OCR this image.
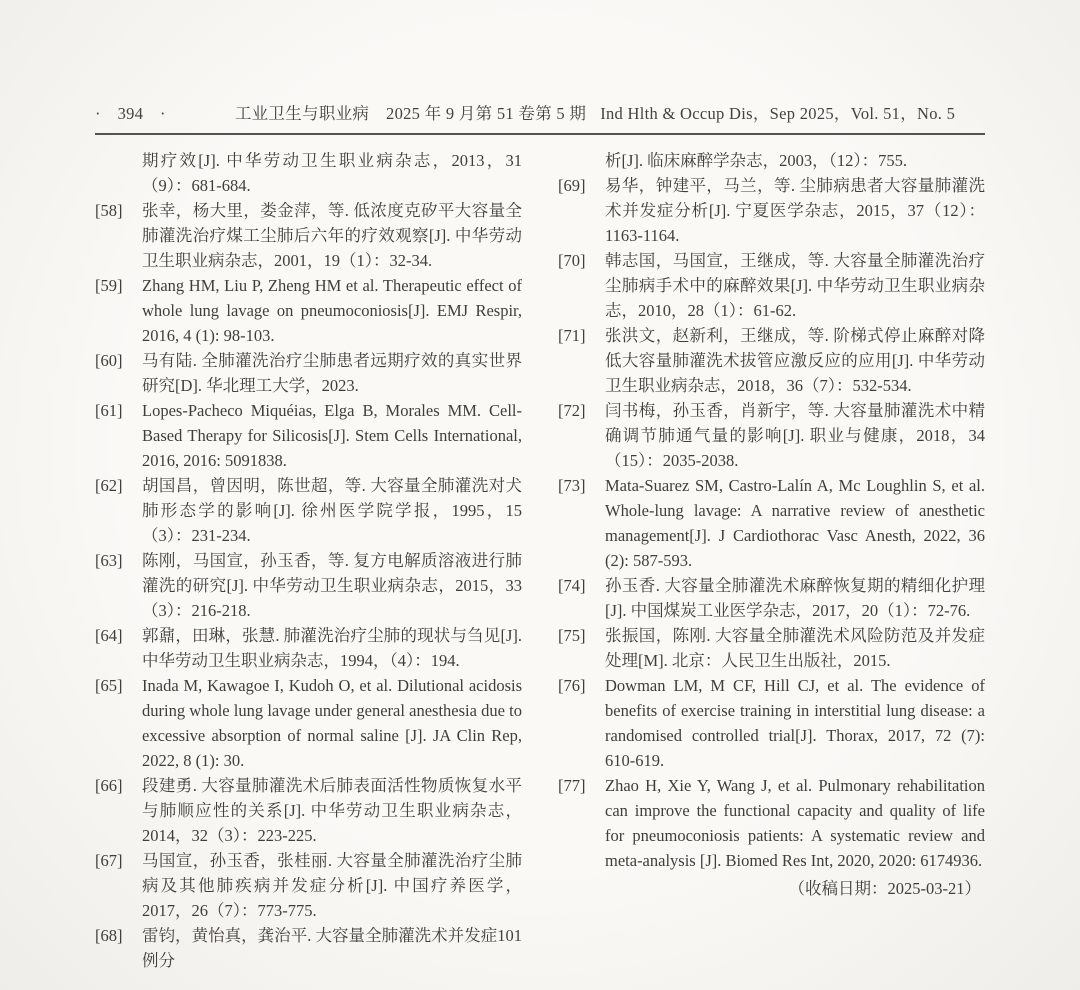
·　394　·	工业卫生与职业病　2025 年 9 月第 51 卷第 5 期 Ind Hlth & Occup Dis，Sep 2025，Vol. 51，No. 5
期疗效[J]. 中华劳动卫生职业病杂志，2013，31（9）：681-684.
[58]	张幸，杨大里，娄金萍，等. 低浓度克矽平大容量全肺灌洗治疗煤工尘肺后六年的疗效观察[J]. 中华劳动卫生职业病杂志，2001，19（1）：32-34.
[59]	Zhang HM, Liu P, Zheng HM et al. Therapeutic effect of whole lung lavage on pneumoconiosis[J]. EMJ Respir, 2016, 4 (1): 98-103.
[60]	马有陆. 全肺灌洗治疗尘肺患者远期疗效的真实世界研究[D]. 华北理工大学，2023.
[61]	Lopes-Pacheco Miquéias, Elga B, Morales MM. Cell-Based Therapy for Silicosis[J]. Stem Cells International, 2016, 2016: 5091838.
[62]	胡国昌，曾因明，陈世超，等. 大容量全肺灌洗对犬肺形态学的影响[J]. 徐州医学院学报，1995，15（3）：231-234.
[63]	陈刚，马国宣，孙玉香，等. 复方电解质溶液进行肺灌洗的研究[J]. 中华劳动卫生职业病杂志，2015，33（3）：216-218.
[64]	郭鼐，田琳，张慧. 肺灌洗治疗尘肺的现状与刍见[J]. 中华劳动卫生职业病杂志，1994，（4）：194.
[65]	Inada M, Kawagoe I, Kudoh O, et al. Dilutional acidosis during whole lung lavage under general anesthesia due to excessive absorption of normal saline [J]. JA Clin Rep, 2022, 8 (1): 30.
[66]	段建勇. 大容量肺灌洗术后肺表面活性物质恢复水平与肺顺应性的关系[J]. 中华劳动卫生职业病杂志，2014，32（3）：223-225.
[67]	马国宣，孙玉香，张桂丽. 大容量全肺灌洗治疗尘肺病及其他肺疾病并发症分析[J]. 中国疗养医学，2017，26（7）：773-775.
[68]	雷钧，黄怡真，龚治平. 大容量全肺灌洗术并发症101例分
析[J]. 临床麻醉学杂志，2003，（12）：755.
[69]	易华，钟建平，马兰，等. 尘肺病患者大容量肺灌洗术并发症分析[J]. 宁夏医学杂志，2015，37（12）：1163-1164.
[70]	韩志国，马国宣，王继成，等. 大容量全肺灌洗治疗尘肺病手术中的麻醉效果[J]. 中华劳动卫生职业病杂志，2010，28（1）：61-62.
[71]	张洪文，赵新利，王继成，等. 阶梯式停止麻醉对降低大容量肺灌洗术拔管应激反应的应用[J]. 中华劳动卫生职业病杂志，2018，36（7）：532-534.
[72]	闫书梅，孙玉香，肖新宇，等. 大容量肺灌洗术中精确调节肺通气量的影响[J]. 职业与健康，2018，34（15）：2035-2038.
[73]	Mata-Suarez SM, Castro-Lalín A, Mc Loughlin S, et al. Whole-lung lavage: A narrative review of anesthetic management[J]. J Cardiothorac Vasc Anesth, 2022, 36 (2): 587-593.
[74]	孙玉香. 大容量全肺灌洗术麻醉恢复期的精细化护理[J]. 中国煤炭工业医学杂志，2017，20（1）：72-76.
[75]	张振国，陈刚. 大容量全肺灌洗术风险防范及并发症处理[M]. 北京：人民卫生出版社，2015.
[76]	Dowman LM, M CF, Hill CJ, et al. The evidence of benefits of exercise training in interstitial lung disease: a randomised controlled trial[J]. Thorax, 2017, 72 (7): 610-619.
[77]	Zhao H, Xie Y, Wang J, et al. Pulmonary rehabilitation can improve the functional capacity and quality of life for pneumoconiosis patients: A systematic review and meta-analysis [J]. Biomed Res Int, 2020, 2020: 6174936.
（收稿日期：2025-03-21）
